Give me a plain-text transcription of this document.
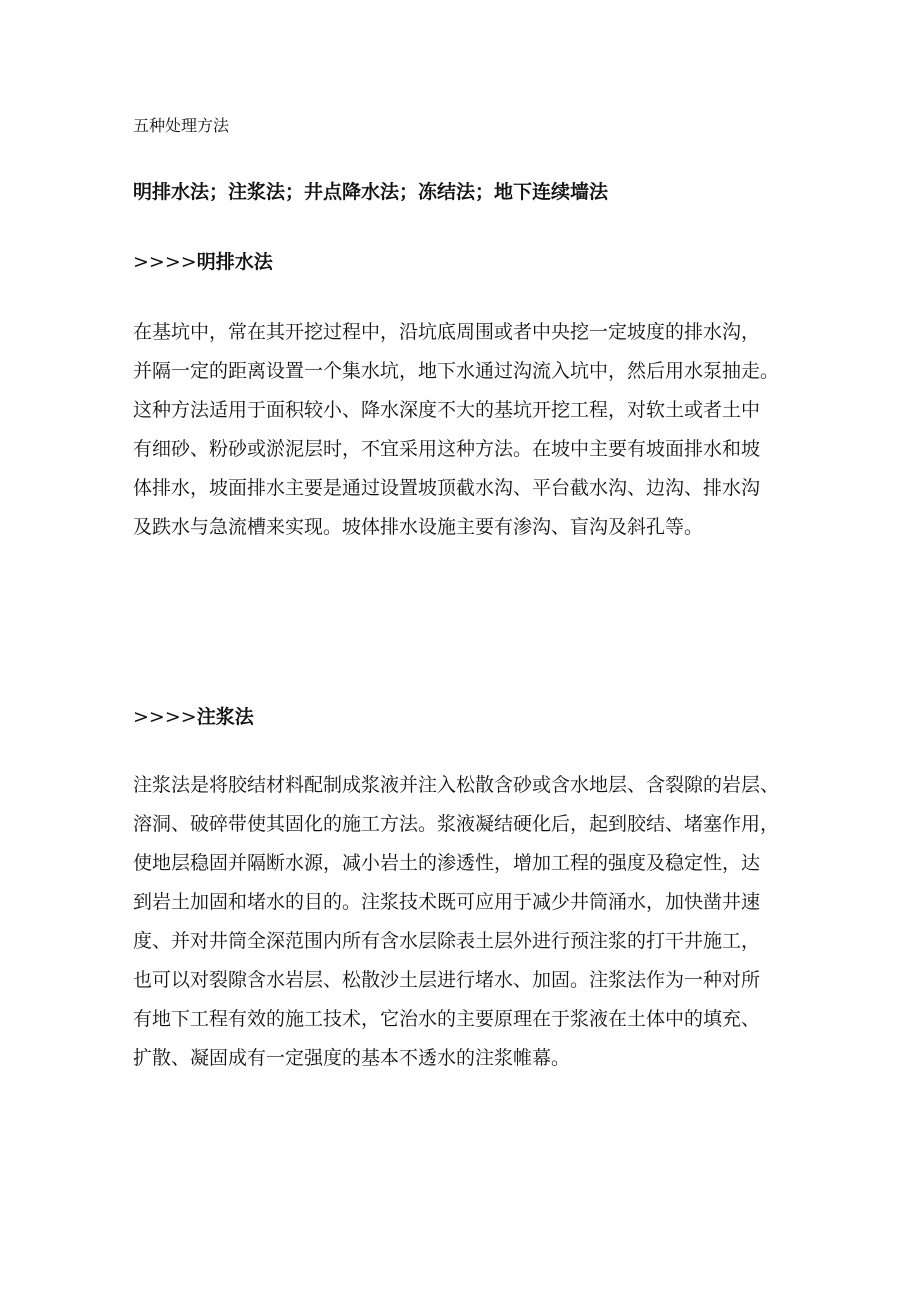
五种处理方法
明排水法；注浆法；井点降水法；冻结法；地下连续墙法
>>>>明排水法
在基坑中，常在其开挖过程中，沿坑底周围或者中央挖一定坡度的排水沟，
并隔一定的距离设置一个集水坑，地下水通过沟流入坑中，然后用水泵抽走。
这种方法适用于面积较小、降水深度不大的基坑开挖工程，对软土或者土中
有细砂、粉砂或淤泥层时，不宜采用这种方法。在坡中主要有坡面排水和坡
体排水，坡面排水主要是通过设置坡顶截水沟、平台截水沟、边沟、排水沟
及跌水与急流槽来实现。坡体排水设施主要有渗沟、盲沟及斜孔等。
>>>>注浆法
注浆法是将胶结材料配制成浆液并注入松散含砂或含水地层、含裂隙的岩层、
溶洞、破碎带使其固化的施工方法。浆液凝结硬化后，起到胶结、堵塞作用，
使地层稳固并隔断水源，减小岩土的渗透性，增加工程的强度及稳定性，达
到岩土加固和堵水的目的。注浆技术既可应用于减少井筒涌水，加快凿井速
度、并对井筒全深范围内所有含水层除表土层外进行预注浆的打干井施工，
也可以对裂隙含水岩层、松散沙土层进行堵水、加固。注浆法作为一种对所
有地下工程有效的施工技术，它治水的主要原理在于浆液在土体中的填充、
扩散、凝固成有一定强度的基本不透水的注浆帷幕。
